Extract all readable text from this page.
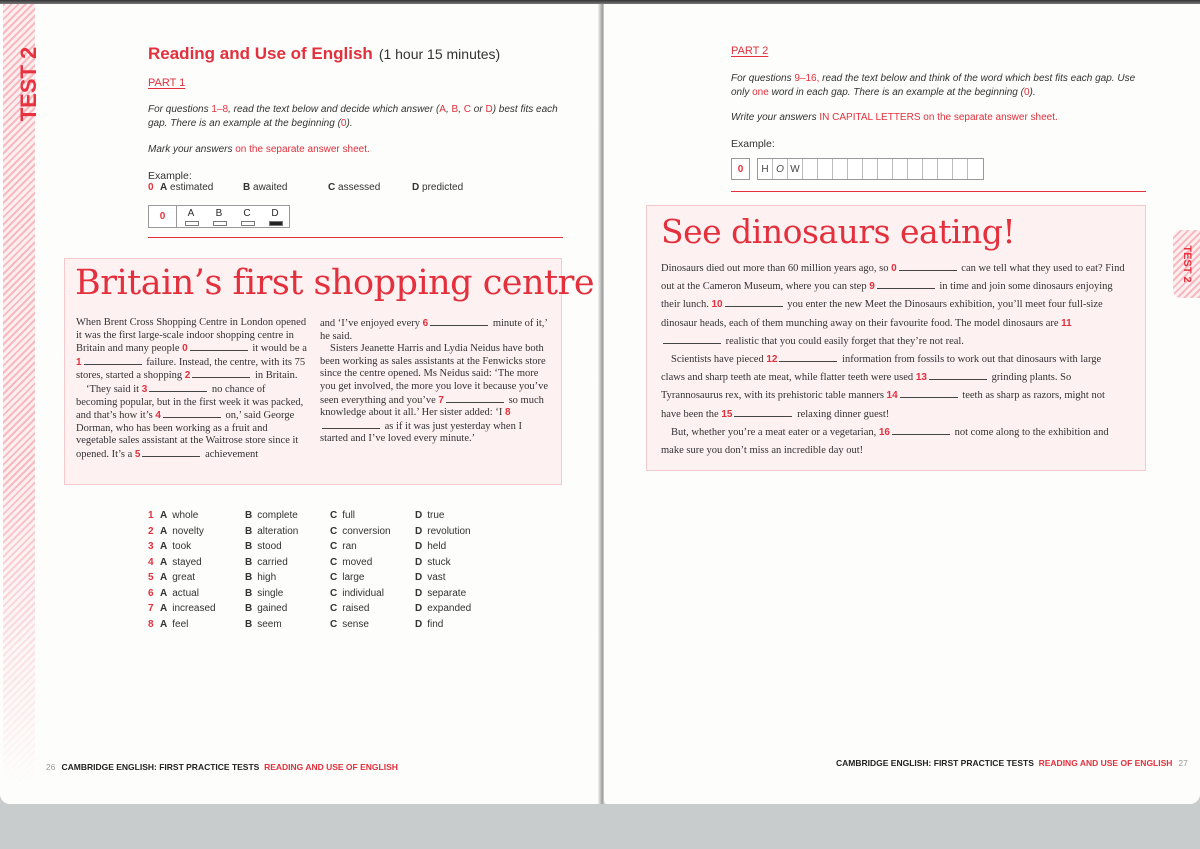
TEST 2	Reading and Use of English (1 hour 15 minutes)
PART 1
For questions 1–8, read the text below and decide which answer (A, B, C or D) best fits each gap. There is an example at the beginning (0).
Mark your answers on the separate answer sheet.
Example:
0 A estimated	B awaited	C assessed	D predicted
0	A	B	C	D
Britain’s first shopping centre

When Brent Cross Shopping Centre in London opened it was the first large-scale indoor shopping centre in Britain and many people 0	it would be a 1	failure. Instead, the centre, with its 75 stores, started a shopping 2	in Britain.

‘They said it 3	no chance of becoming popular, but in the first week it was packed, and that’s how it’s 4	on,’ said George Dorman, who has been working as a fruit and vegetable sales assistant at the Waitrose store since it opened. It’s a 5	achievement

and ‘I’ve enjoyed every 6	minute of it,’ he said.

Sisters Jeanette Harris and Lydia Neidus have both been working as sales assistants at the Fenwicks store since the centre opened. Ms Neidus said: ‘The more you get involved, the more you love it because you’ve seen everything and you’ve 7	so much knowledge about it all.’ Her sister added: ‘I 8 as if it was just yesterday when I started and I’ve loved every minute.’

1 A whole	B complete	C full	D true
2 A novelty	B alteration	C conversion	D revolution
3 A took	B stood	C ran	D held
4 A stayed	B carried	C moved	D stuck
5 A great	B high	C large	D vast
6 A actual	B single	C individual	D separate
7 A increased	B gained	C raised	D expanded
8 A feel	B seem	C sense	D find
26 CAMBRIDGE ENGLISH: FIRST PRACTICE TESTS READING AND USE OF ENGLISH
PART 2
For questions 9–16, read the text below and think of the word which best fits each gap. Use only one word in each gap. There is an example at the beginning (0).
Write your answers IN CAPITAL LETTERS on the separate answer sheet.
Example:
0	H O W
See dinosaurs eating!
CAMBRIDGE ENGLISH: FIRST PRACTICE TESTS READING AND USE OF ENGLISH 27

Dinosaurs died out more than 60 million years ago, so 0	can we tell what they used to eat? Find out at the Cameron Museum, where you can step 9	in time and join some dinosaurs enjoying their lunch. 10	you enter the new Meet the Dinosaurs exhibition, you’ll meet four full-size dinosaur heads, each of them munching away on their favourite food. The model dinosaurs are 11 realistic that you could easily forget that they’re not real.

Scientists have pieced 12	information from fossils to work out that dinosaurs with large claws and sharp teeth ate meat, while flatter teeth were used 13	grinding plants. So Tyrannosaurus rex, with its prehistoric table manners 14	teeth as sharp as razors, might not have been the 15	relaxing dinner guest!

But, whether you’re a meat eater or a vegetarian, 16	not come along to the exhibition and make sure you don’t miss an incredible day out!

TEST 2
